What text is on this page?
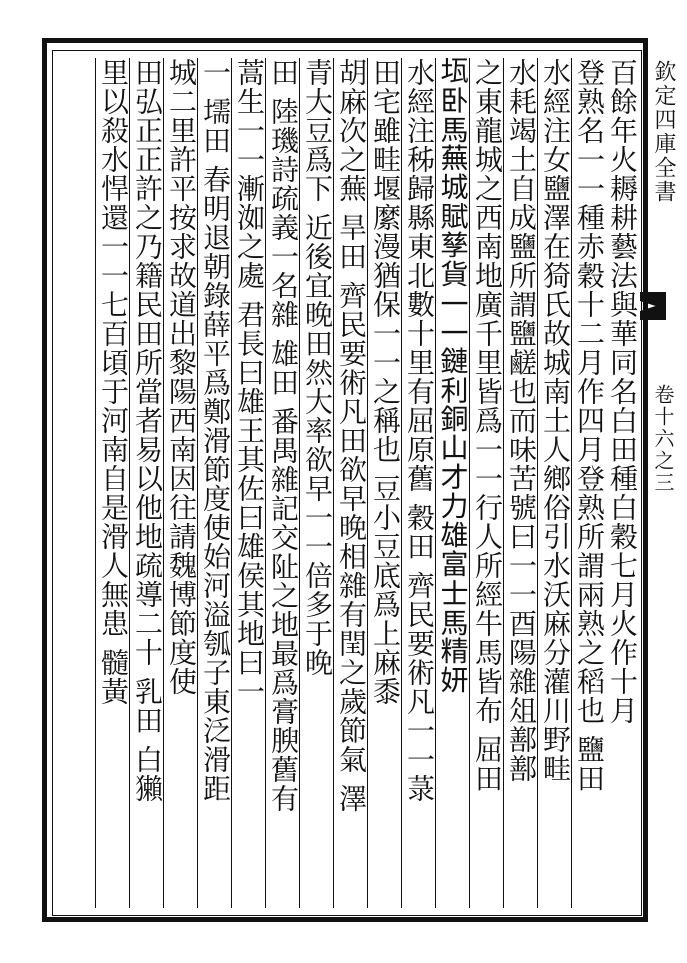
欽定四庫全書
卷十六之三
百餘年火耨耕藝法與華同名白田種白穀七月火作十月
登熟名一一種赤穀十二月作四月登熟所謂兩熟之稻也 鹽田
水經注女鹽澤在猗氏故城南土人鄉俗引水沃麻分灌川野畦
水耗竭土自成鹽所謂鹽鹺也而味苦號曰一一酉陽雜俎鄯鄯
之東龍城之西南地廣千里皆爲一一行人所經牛馬皆布 屈田
𤬪卧馬蕪城賦孳貨一一鏈利銅山才力雄富士馬精妍
水經注秭歸縣東北數十里有屈原舊 穀田 齊民要術凡一一菉
田宅雖畦堰縻漫猶保一一之稱也 豆小豆底爲上麻黍
胡麻次之蕪 旱田 齊民要術凡田欲早晚相雜有閏之歲節氣 澤
青大豆爲下 近後宜晚田然大率欲早一一倍多于晚
田 陸璣詩疏義一名雜 雄田 番禺雜記交阯之地最爲膏腴舊有
蒿生一一漸洳之處 君長曰雄王其佐曰雄侯其地曰一
一 壖田 春明退朝錄薛平爲鄭滑節度使始河溢瓠子東泛滑距
城二里許平按求故道出黎陽西南因往請魏博節度使
田弘正正許之乃籍民田所當者易以他地疏導二十 乳田 白獺
里以殺水悍還一一七百頃于河南自是滑人無患 髓黃
